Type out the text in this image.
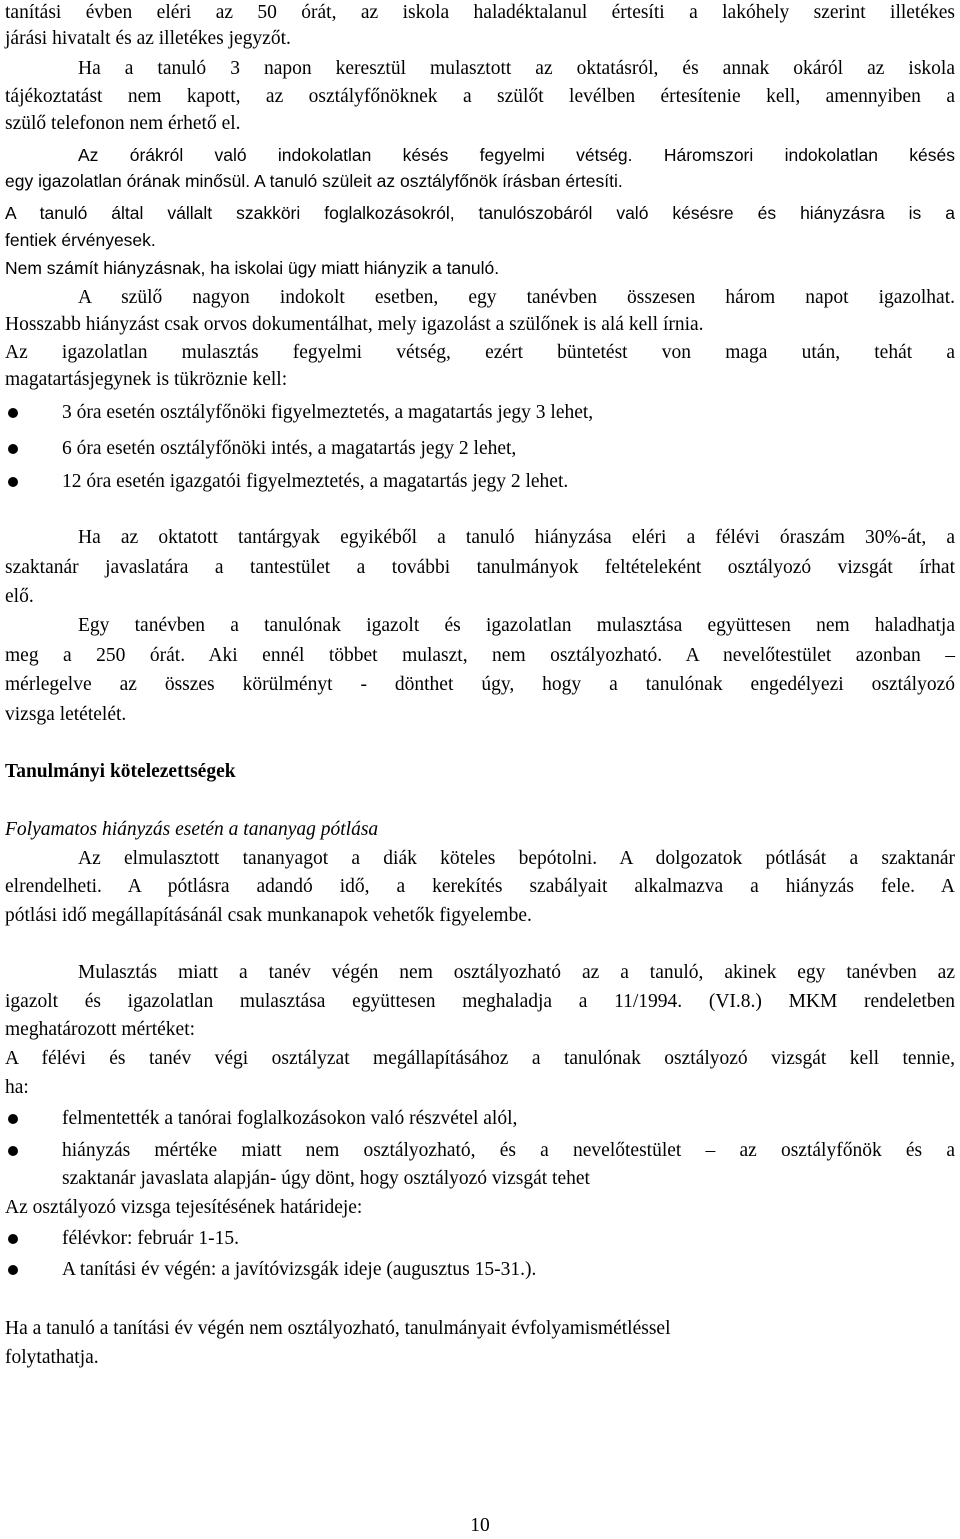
tanítási évben eléri az 50 órát, az iskola haladéktalanul értesíti a lakóhely szerint illetékes
járási hivatalt és az illetékes jegyzőt.
Ha a tanuló 3 napon keresztül mulasztott az oktatásról, és annak okáról az iskola
tájékoztatást nem kapott, az osztályfőnöknek a szülőt levélben értesítenie kell, amennyiben a
szülő telefonon nem érhető el.
Az órákról való indokolatlan késés fegyelmi vétség. Háromszori indokolatlan késés
egy igazolatlan órának minősül. A tanuló szüleit az osztályfőnök írásban értesíti.
A tanuló által vállalt szakköri foglalkozásokról, tanulószobáról való késésre és hiányzásra is a
fentiek érvényesek.
Nem számít hiányzásnak, ha iskolai ügy miatt hiányzik a tanuló.
A szülő nagyon indokolt esetben, egy tanévben összesen három napot igazolhat.
Hosszabb hiányzást csak orvos dokumentálhat, mely igazolást a szülőnek is alá kell írnia.
Az igazolatlan mulasztás fegyelmi vétség, ezért büntetést von maga után, tehát a
magatartásjegynek is tükröznie kell:
3 óra esetén osztályfőnöki figyelmeztetés, a magatartás jegy 3 lehet,
6 óra esetén osztályfőnöki intés, a magatartás jegy 2 lehet,
12 óra esetén igazgatói figyelmeztetés, a magatartás jegy 2 lehet.
Ha az oktatott tantárgyak egyikéből a tanuló hiányzása eléri a félévi óraszám 30%-át, a
szaktanár javaslatára a tantestület a további tanulmányok feltételeként osztályozó vizsgát írhat
elő.
Egy tanévben a tanulónak igazolt és igazolatlan mulasztása együttesen nem haladhatja
meg a 250 órát. Aki ennél többet mulaszt, nem osztályozható. A nevelőtestület azonban –
mérlegelve az összes körülményt - dönthet úgy, hogy a tanulónak engedélyezi osztályozó
vizsga letételét.
Tanulmányi kötelezettségek
Folyamatos hiányzás esetén a tananyag pótlása
Az elmulasztott tananyagot a diák köteles bepótolni. A dolgozatok pótlását a szaktanár
elrendelheti. A pótlásra adandó idő, a kerekítés szabályait alkalmazva a hiányzás fele. A
pótlási idő megállapításánál csak munkanapok vehetők figyelembe.
Mulasztás miatt a tanév végén nem osztályozható az a tanuló, akinek egy tanévben az
igazolt és igazolatlan mulasztása együttesen meghaladja a 11/1994. (VI.8.) MKM rendeletben
meghatározott mértéket:
A félévi és tanév végi osztályzat megállapításához a tanulónak osztályozó vizsgát kell tennie,
ha:
felmentették a tanórai foglalkozásokon való részvétel alól,
hiányzás mértéke miatt nem osztályozható, és a nevelőtestület – az osztályfőnök és a
szaktanár javaslata alapján- úgy dönt, hogy osztályozó vizsgát tehet
Az osztályozó vizsga tejesítésének határideje:
félévkor: február 1-15.
A tanítási év végén: a javítóvizsgák ideje (augusztus 15-31.).
Ha a tanuló a tanítási év végén nem osztályozható, tanulmányait évfolyamismétléssel
folytathatja.
10
